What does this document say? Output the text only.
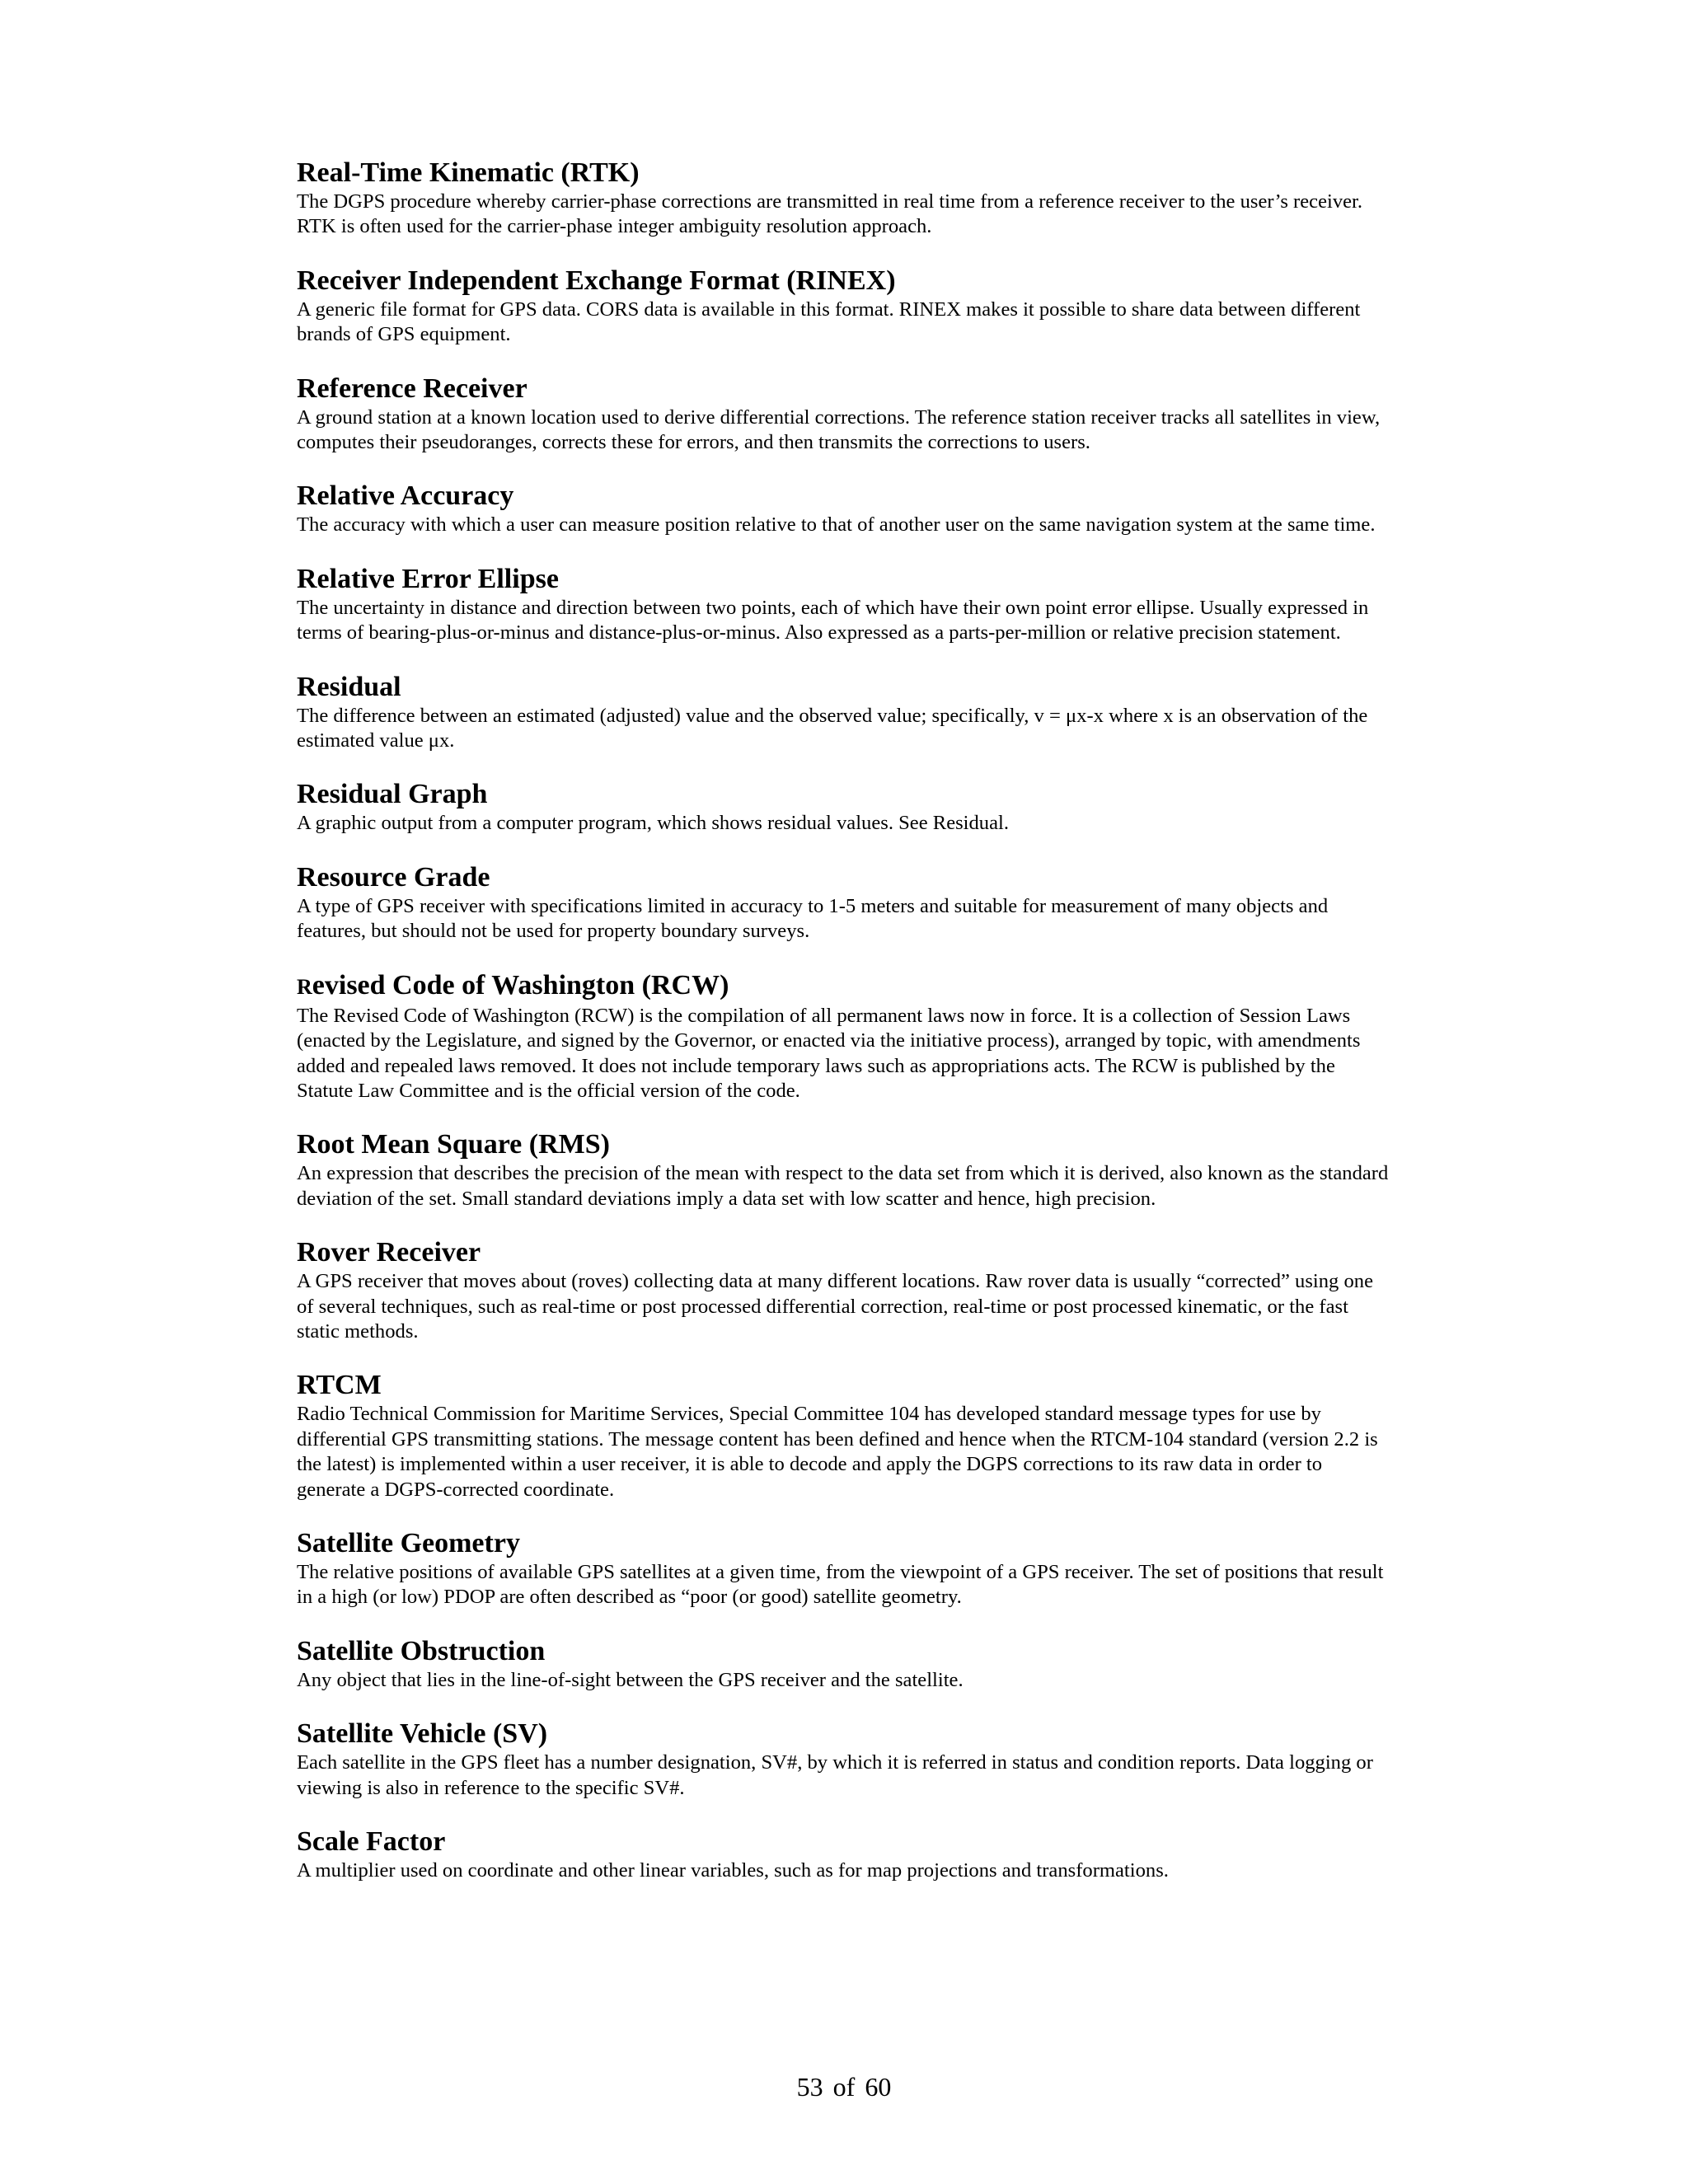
Real-Time Kinematic (RTK)

The DGPS procedure whereby carrier-phase corrections are transmitted in real time from a reference receiver to the user’s receiver. RTK is often used for the carrier-phase integer ambiguity resolution approach.

Receiver Independent Exchange Format (RINEX)

A generic file format for GPS data. CORS data is available in this format. RINEX makes it possible to share data between different brands of GPS equipment.

Reference Receiver

A ground station at a known location used to derive differential corrections. The reference station receiver tracks all satellites in view, computes their pseudoranges, corrects these for errors, and then transmits the corrections to users.

Relative Accuracy

The accuracy with which a user can measure position relative to that of another user on the same navigation system at the same time.

Relative Error Ellipse

The uncertainty in distance and direction between two points, each of which have their own point error ellipse. Usually expressed in terms of bearing-plus-or-minus and distance-plus-or-minus. Also expressed as a parts-per-million or relative precision statement.

Residual

The difference between an estimated (adjusted) value and the observed value; specifically, v = μx-x where x is an observation of the estimated value μx.

Residual Graph

A graphic output from a computer program, which shows residual values. See Residual.

Resource Grade

A type of GPS receiver with specifications limited in accuracy to 1-5 meters and suitable for measurement of many objects and features, but should not be used for property boundary surveys.

Revised Code of Washington (RCW)

The Revised Code of Washington (RCW) is the compilation of all permanent laws now in force. It is a collection of Session Laws (enacted by the Legislature, and signed by the Governor, or enacted via the initiative process), arranged by topic, with amendments added and repealed laws removed. It does not include temporary laws such as appropriations acts. The RCW is published by the Statute Law Committee and is the official version of the code.

Root Mean Square (RMS)

An expression that describes the precision of the mean with respect to the data set from which it is derived, also known as the standard deviation of the set. Small standard deviations imply a data set with low scatter and hence, high precision.

Rover Receiver

A GPS receiver that moves about (roves) collecting data at many different locations. Raw rover data is usually “corrected” using one of several techniques, such as real-time or post processed differential correction, real-time or post processed kinematic, or the fast static methods.

RTCM

Radio Technical Commission for Maritime Services, Special Committee 104 has developed standard message types for use by differential GPS transmitting stations. The message content has been defined and hence when the RTCM-104 standard (version 2.2 is the latest) is implemented within a user receiver, it is able to decode and apply the DGPS corrections to its raw data in order to generate a DGPS-corrected coordinate.

Satellite Geometry

The relative positions of available GPS satellites at a given time, from the viewpoint of a GPS receiver. The set of positions that result in a high (or low) PDOP are often described as “poor (or good) satellite geometry.

Satellite Obstruction

Any object that lies in the line-of-sight between the GPS receiver and the satellite.

Satellite Vehicle (SV)

Each satellite in the GPS fleet has a number designation, SV#, by which it is referred in status and condition reports. Data logging or viewing is also in reference to the specific SV#.

Scale Factor

A multiplier used on coordinate and other linear variables, such as for map projections and transformations.

53 of 60
